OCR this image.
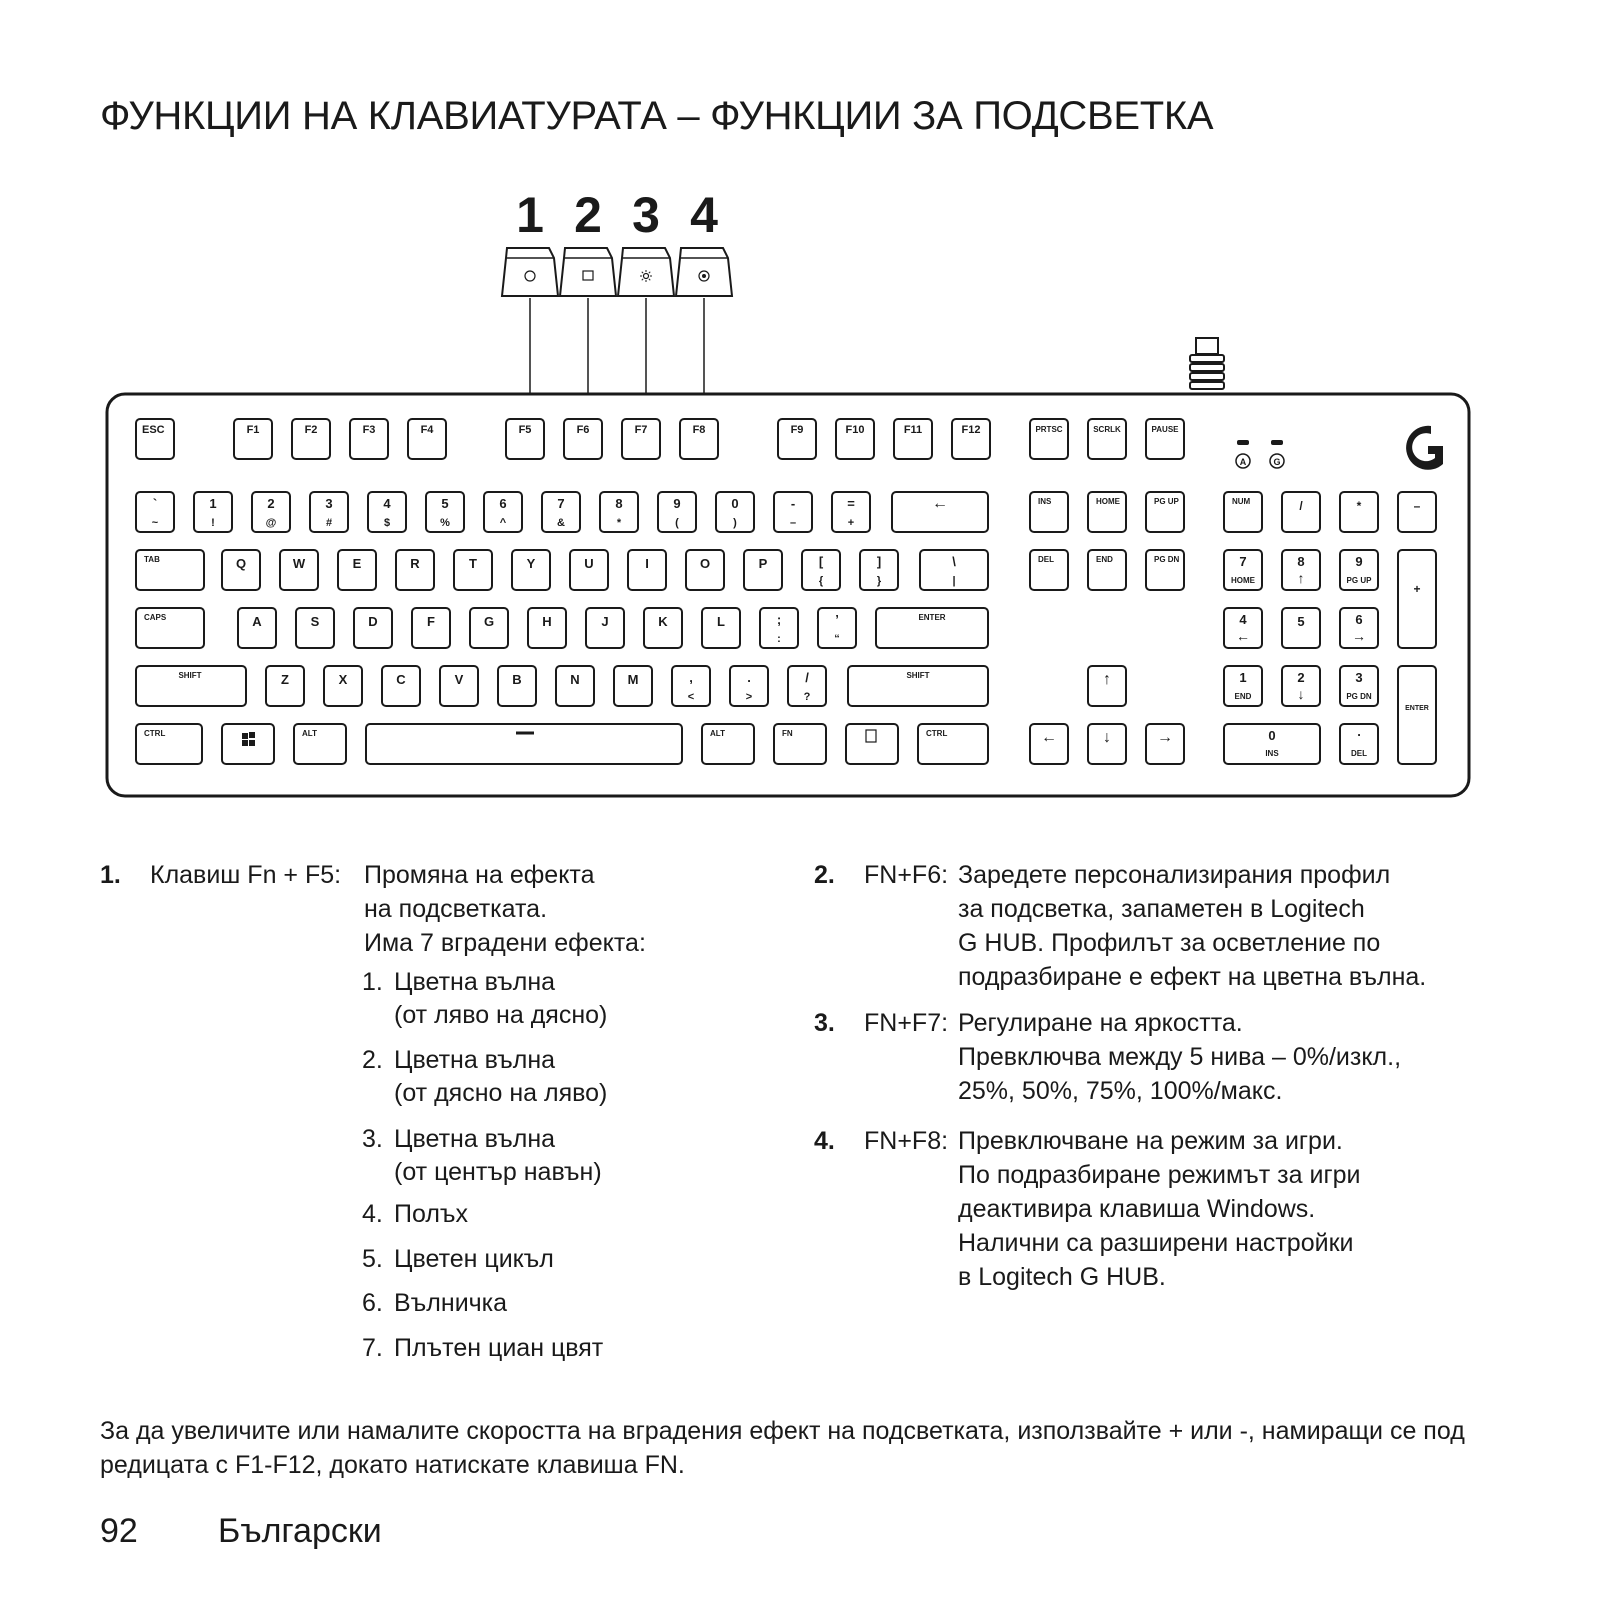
ФУНКЦИИ НА КЛАВИАТУРАТА – ФУНКЦИИ ЗА ПОДСВЕТКА
1 2 3 4
ESC	F1	F2	F3	F4	F5	F6	F7	F8	F9	F10	F11	F12	PRTSC	SCRLK	PAUSE
A	G
`
~
1
!
2
@
3
#
4
$
5
%
6
^
7
&
8
*
9
(
0
)
-
–
=
+
←
TAB	Q	W	E	R	T	Y	U	I	O	P	[
{
]
}
\
|
CAPS	A	S	D	F	G	H	J	K	L	;
:
’
“
ENTER
SHIFT	Z	X	C	V	B	N	M	,
<
.
>
/
?
SHIFT
CTRL	ALT	ALT	FN	CTRL
INS	HOME	PG UP
DEL	END	PG DN
↑
←	↓	→
NUM	/	*	–
+
7
HOME
8
↑
9
PG UP
4
←
5	6
→
1
END
2
↓
3
PG DN
ENTER
0
INS
.
DEL
1. Клавиш Fn + F5: Промяна на ефекта
на подсветката.
Има 7 вградени ефекта:
1. Цветна вълна
(от ляво на дясно)
2. Цветна вълна
(от дясно на ляво)
3. Цветна вълна
(от център навън)
4. Полъх
5. Цветен цикъл
6. Вълничка
7. Плътен циан цвят
2. FN+F6: Заредете персонализирания профил
за подсветка, запаметен в Logitech
G HUB. Профилът за осветление по
подразбиране е ефект на цветна вълна.
3. FN+F7: Регулиране на яркостта.
Превключва между 5 нива – 0%/изкл.,
25%, 50%, 75%, 100%/макс.
4. FN+F8: Превключване на режим за игри.
По подразбиране режимът за игри
деактивира клавиша Windows.
Налични са разширени настройки
в Logitech G HUB.
За да увеличите или намалите скоростта на вградения ефект на подсветката, използвайте + или -, намиращи се под редицата с F1-F12, докато натискате клавиша FN.
92 Български
